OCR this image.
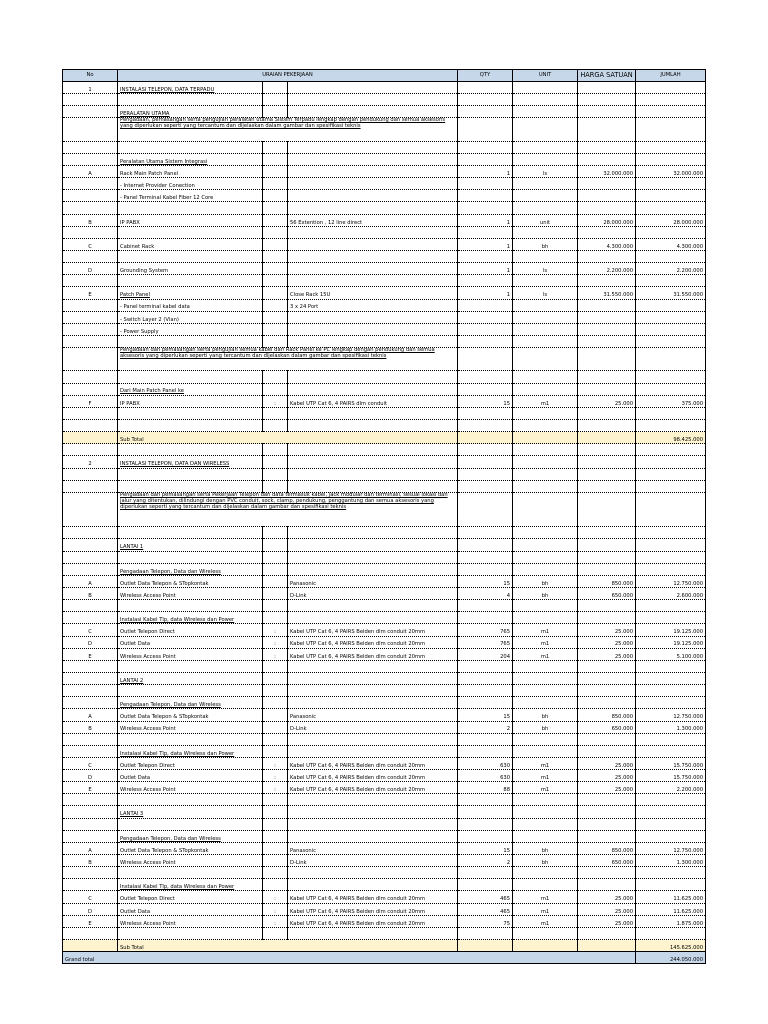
No	URAIAN PEKERJAAN			QTY	UNIT	HARGA SATUAN	JUMLAH
1	INSTALASI TELEPON, DATA TERPADU						

	PERALATAN UTAMA						
	Pengadaan, pemasangan serta pengujian peralatan utama Sistem Terpadu lengkap dengan pendukung dan semua aksesoris yang diperlukan seperti yang tercantum dan dijelaskan dalam gambar dan spesifikasi teknis						

	Peralatan Utama Sistem Integrasi						
A	Rack Main Patch Panel			1	ls	32.000.000	32.000.000
	- Internet Provider Conection						
	- Panel Terminal Kabel Fiber 12 Core						

B	IP PABX		56 Extention , 12 line direct	1	unit	28.000.000	28.000.000

C	Cabinet Rack			1	bh	4.300.000	4.300.000

D	Grounding System			1	ls	2.200.000	2.200.000

E	Patch Panel		Close Rack 15U	1	ls	31.550.000	31.550.000
	- Panel terminal kabel data		3 x 24 Port				
	- Switch Layer 2 (Vlan)						
	- Power Supply						

	Pengadaan dan pemasangan serta pengujian semua kabel dari Rack Panel ke PC lengkap dengan pendukung dan semua aksesoris yang diperlukan seperti yang tercantum dan dijelaskan dalam gambar dan spesifikasi teknis						

	Dari Main Patch Panel ke						
F	IP PABX	:	Kabel UTP Cat 6, 4 PAIRS dlm conduit	15	m1	25.000	375.000

	Sub Total						98.425.000

2	INSTALASI TELEPON, DATA DAN WIRELESS						

	Pengadaan dan pemasangan serta Pekerjaan Telepon dan data termasuk kabel, jack modular dan terminasi, sesuai lokasi dan jalur yang ditentukan, dilindungi dengan PVC conduit, sock, clamp, pendukung, penggantung dan semua aksesoris yang diperlukan seperti yang tercantum dan dijelaskan dalam gambar dan spesifikasi teknis						

	LANTAI 1						

	Pengadaan Telepon, Data dan Wireless						
A	Outlet Data Telepon & STopkontak		Panasonic	15	bh	850.000	12.750.000
B	Wireless Access Point		D-Link	4	bh	650.000	2.600.000

	Instalasi Kabel Tlp, data Wireless dan Power						
C	Outlet Telepon Direct	:	Kabel UTP Cat 6, 4 PAIRS Belden dlm conduit 20mm	765	m1	25.000	19.125.000
D	Outlet Data	:	Kabel UTP Cat 6, 4 PAIRS Belden dlm conduit 20mm	765	m1	25.000	19.125.000
E	Wireless Access Point	:	Kabel UTP Cat 6, 4 PAIRS Belden dlm conduit 20mm	204	m1	25.000	5.100.000

	LANTAI 2						

	Pengadaan Telepon, Data dan Wireless						
A	Outlet Data Telepon & STopkontak		Panasonic	15	bh	850.000	12.750.000
B	Wireless Access Point		D-Link	2	bh	650.000	1.300.000

	Instalasi Kabel Tlp, data Wireless dan Power						
C	Outlet Telepon Direct	:	Kabel UTP Cat 6, 4 PAIRS Belden dlm conduit 20mm	630	m1	25.000	15.750.000
D	Outlet Data	:	Kabel UTP Cat 6, 4 PAIRS Belden dlm conduit 20mm	630	m1	25.000	15.750.000
E	Wireless Access Point	:	Kabel UTP Cat 6, 4 PAIRS Belden dlm conduit 20mm	88	m1	25.000	2.200.000

	LANTAI 3						

	Pengadaan Telepon, Data dan Wireless						
A	Outlet Data Telepon & STopkontak		Panasonic	15	bh	850.000	12.750.000
B	Wireless Access Point		D-Link	2	bh	650.000	1.300.000

	Instalasi Kabel Tlp, data Wireless dan Power						
C	Outlet Telepon Direct	:	Kabel UTP Cat 6, 4 PAIRS Belden dlm conduit 20mm	465	m1	25.000	11.625.000
D	Outlet Data	:	Kabel UTP Cat 6, 4 PAIRS Belden dlm conduit 20mm	465	m1	25.000	11.625.000
E	Wireless Access Point	:	Kabel UTP Cat 6, 4 PAIRS Belden dlm conduit 20mm	75	m1	25.000	1.875.000

	Sub Total						145.625.000
Grand total							244.050.000
